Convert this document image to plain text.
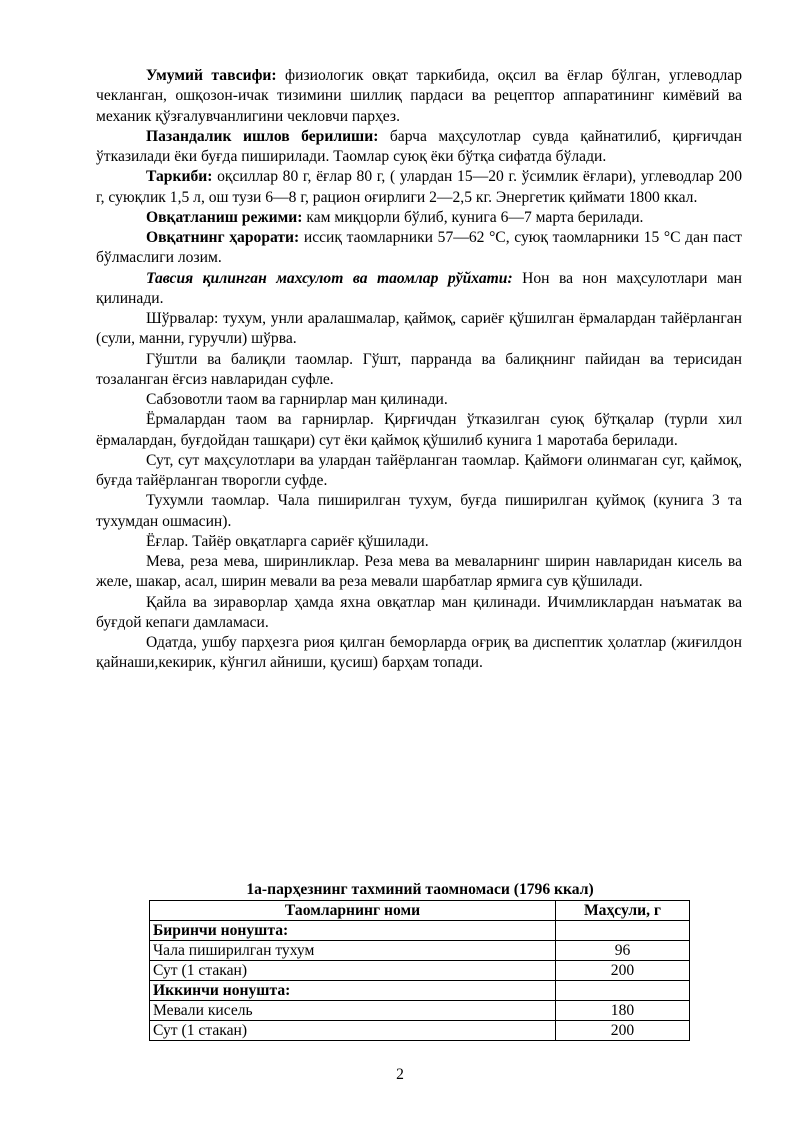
Умумий тавсифи: физиологик овқат таркибида, оқсил ва ёғлар бўлган, углеводлар чекланган, ошқозон-ичак тизимини шиллиқ пардаси ва рецептор аппаратининг кимёвий ва механик қўзғалувчанлигини чекловчи парҳез.

Пазандалик ишлов берилиши: барча маҳсулотлар сувда қайнатилиб, қирғичдан ўтказилади ёки буғда пиширилади. Таомлар суюқ ёки бўтқа сифатда бўлади.

Таркиби: оқсиллар 80 г, ёғлар 80 г, ( улардан 15—20 г. ўсимлик ёғлари), углеводлар 200 г, суюқлик 1,5 л, ош тузи 6—8 г, рацион оғирлиги 2—2,5 кг. Энергетик қиймати 1800 ккал.

Овқатланиш режими: кам миқцорли бўлиб, кунига 6—7 марта берилади.

Овқатнинг ҳарорати: иссиқ таомларники 57—62 °С, суюқ таомларники 15 °С дан паст бўлмаслиги лозим.

Тавсия қилинган махсулот ва таомлар рўйхати: Нон ва нон маҳсулотлари ман қилинади.

Шўрвалар: тухум, унли аралашмалар, қаймоқ, сариёғ қўшилган ёрмалардан тайёрланган (сули, манни, гуручли) шўрва.

Гўштли ва балиқли таомлар. Гўшт, парранда ва балиқнинг пайидан ва терисидан тозаланган ёғсиз навларидан суфле.

Сабзовотли таом ва гарнирлар ман қилинади.

Ёрмалардан таом ва гарнирлар. Қирғичдан ўтказилган суюқ бўтқалар (турли хил ёрмалардан, буғдойдан ташқари) сут ёки қаймоқ қўшилиб кунига 1 маротаба берилади.

Сут, сут маҳсулотлари ва улардан тайёрланган таомлар. Қаймоғи олинмаган суг, қаймоқ, буғда тайёрланган творогли суфде.

Тухумли таомлар. Чала пиширилган тухум, буғда пиширилган қуймоқ (кунига 3 та тухумдан ошмасин).

Ёғлар. Тайёр овқатларга сариёғ қўшилади.

Мева, реза мева, ширинликлар. Реза мева ва меваларнинг ширин навларидан кисель ва желе, шакар, асал, ширин мевали ва реза мевали шарбатлар ярмига сув қўшилади.

Қайла ва зираворлар ҳамда яхна овқатлар ман қилинади. Ичимликлардан наъматак ва буғдой кепаги дамламаси.

Одатда, ушбу парҳезга риоя қилган беморларда оғриқ ва диспептик ҳолатлар (жиғилдон қайнаши,кекирик, кўнгил айниши, қусиш) барҳам топади.

1а-парҳезнинг тахминий таомномаси (1796 ккал)

Таомларнинг номи	Маҳсули, г
Биринчи нонушта:	
Чала пиширилган тухум	96
Сут (1 стакан)	200
Иккинчи нонушта:	
Мевали кисель	180
Сут (1 стакан)	200

2
